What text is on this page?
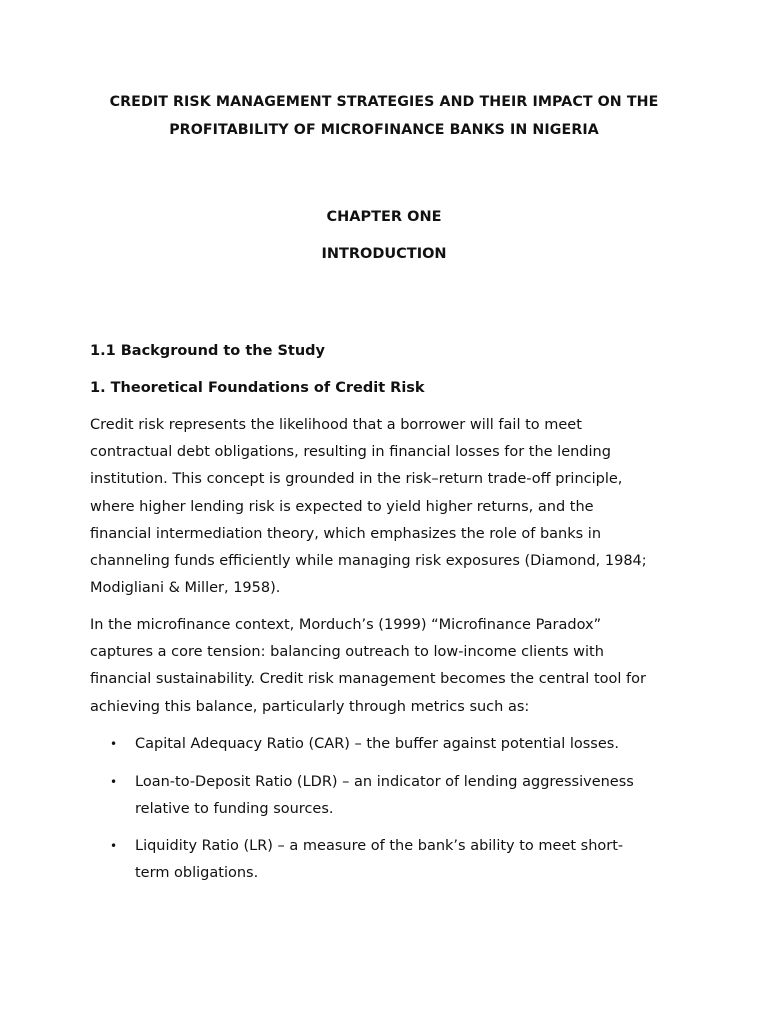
CREDIT RISK MANAGEMENT STRATEGIES AND THEIR IMPACT ON THE
PROFITABILITY OF MICROFINANCE BANKS IN NIGERIA
CHAPTER ONE
INTRODUCTION
1.1 Background to the Study
1. Theoretical Foundations of Credit Risk
Credit risk represents the likelihood that a borrower will fail to meet
contractual debt obligations, resulting in financial losses for the lending
institution. This concept is grounded in the risk–return trade-off principle,
where higher lending risk is expected to yield higher returns, and the
financial intermediation theory, which emphasizes the role of banks in
channeling funds efficiently while managing risk exposures (Diamond, 1984;
Modigliani & Miller, 1958).
In the microfinance context, Morduch’s (1999) “Microfinance Paradox”
captures a core tension: balancing outreach to low-income clients with
financial sustainability. Credit risk management becomes the central tool for
achieving this balance, particularly through metrics such as:
• Capital Adequacy Ratio (CAR) – the buffer against potential losses.
• Loan-to-Deposit Ratio (LDR) – an indicator of lending aggressiveness
relative to funding sources.
• Liquidity Ratio (LR) – a measure of the bank’s ability to meet short-
term obligations.
